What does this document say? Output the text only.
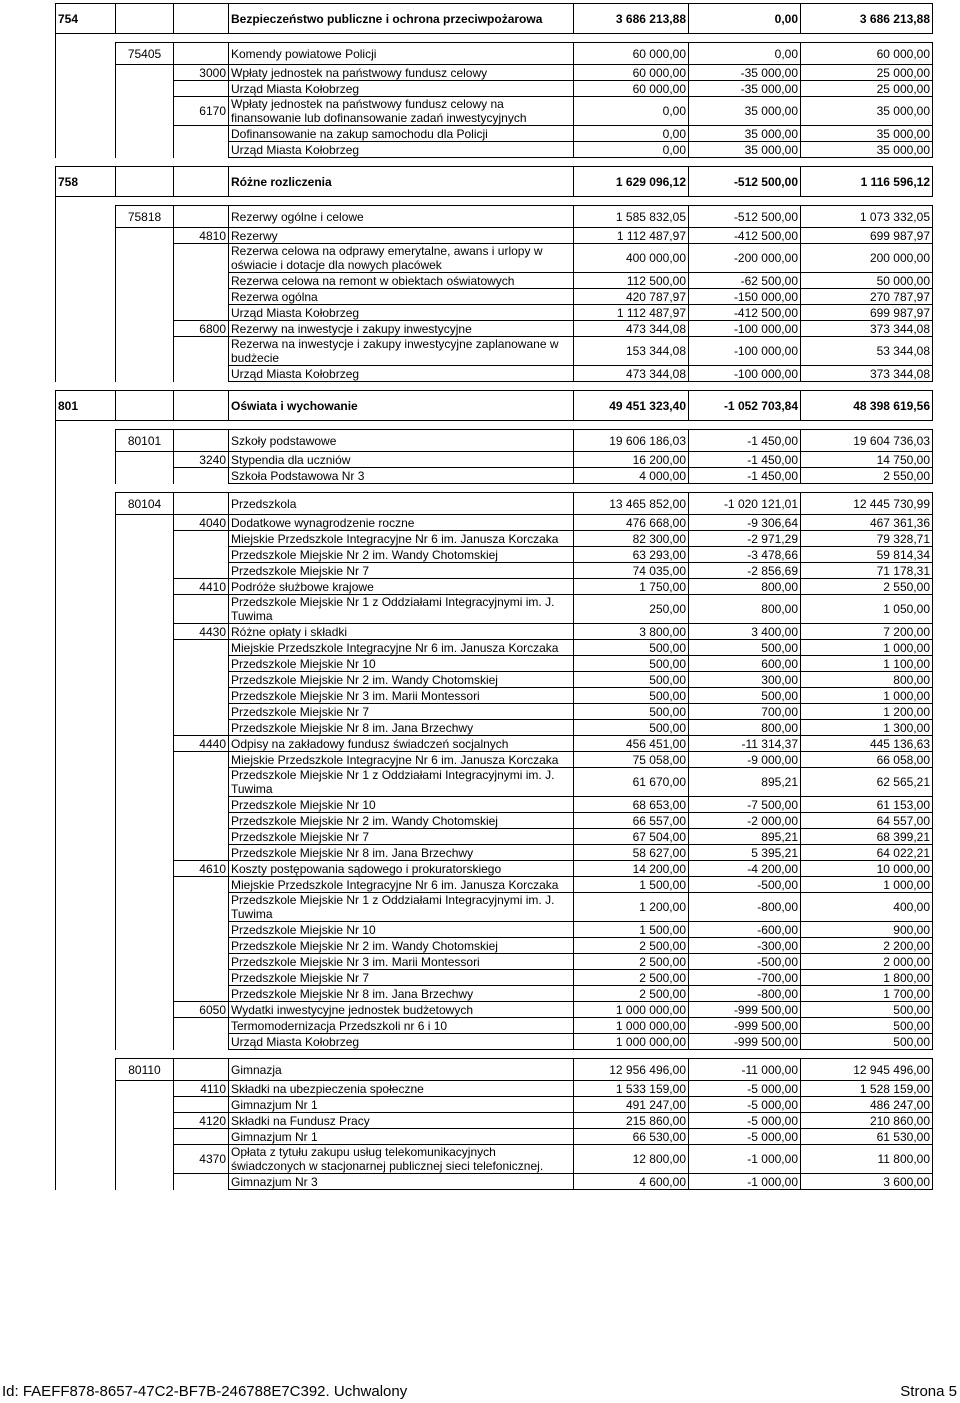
754			Bezpieczeństwo publiczne i ochrona przeciwpożarowa	3 686 213,88	0,00	3 686 213,88

	75405		Komendy powiatowe Policji	60 000,00	0,00	60 000,00
		3000	Wpłaty jednostek na państwowy fundusz celowy	60 000,00	-35 000,00	25 000,00
			Urząd Miasta Kołobrzeg	60 000,00	-35 000,00	25 000,00
		6170	Wpłaty jednostek na państwowy fundusz celowy na finansowanie lub dofinansowanie zadań inwestycyjnych	0,00	35 000,00	35 000,00
			Dofinansowanie na zakup samochodu dla Policji	0,00	35 000,00	35 000,00
			Urząd Miasta Kołobrzeg	0,00	35 000,00	35 000,00

758			Różne rozliczenia	1 629 096,12	-512 500,00	1 116 596,12

	75818		Rezerwy ogólne i celowe	1 585 832,05	-512 500,00	1 073 332,05
		4810	Rezerwy	1 112 487,97	-412 500,00	699 987,97
			Rezerwa celowa na odprawy emerytalne, awans i urlopy w oświacie i dotacje dla nowych placówek	400 000,00	-200 000,00	200 000,00
			Rezerwa celowa na remont w obiektach oświatowych	112 500,00	-62 500,00	50 000,00
			Rezerwa ogólna	420 787,97	-150 000,00	270 787,97
			Urząd Miasta Kołobrzeg	1 112 487,97	-412 500,00	699 987,97
		6800	Rezerwy na inwestycje i zakupy inwestycyjne	473 344,08	-100 000,00	373 344,08
			Rezerwa na inwestycje i zakupy inwestycyjne zaplanowane w budżecie	153 344,08	-100 000,00	53 344,08
			Urząd Miasta Kołobrzeg	473 344,08	-100 000,00	373 344,08

801			Oświata i wychowanie	49 451 323,40	-1 052 703,84	48 398 619,56

	80101		Szkoły podstawowe	19 606 186,03	-1 450,00	19 604 736,03
		3240	Stypendia dla uczniów	16 200,00	-1 450,00	14 750,00
			Szkoła Podstawowa Nr 3	4 000,00	-1 450,00	2 550,00

	80104		Przedszkola	13 465 852,00	-1 020 121,01	12 445 730,99
		4040	Dodatkowe wynagrodzenie roczne	476 668,00	-9 306,64	467 361,36
			Miejskie Przedszkole Integracyjne Nr 6 im. Janusza Korczaka	82 300,00	-2 971,29	79 328,71
			Przedszkole Miejskie Nr 2 im. Wandy Chotomskiej	63 293,00	-3 478,66	59 814,34
			Przedszkole Miejskie Nr 7	74 035,00	-2 856,69	71 178,31
		4410	Podróże służbowe krajowe	1 750,00	800,00	2 550,00
			Przedszkole Miejskie Nr 1 z Oddziałami Integracyjnymi im. J. Tuwima	250,00	800,00	1 050,00
		4430	Różne opłaty i składki	3 800,00	3 400,00	7 200,00
			Miejskie Przedszkole Integracyjne Nr 6 im. Janusza Korczaka	500,00	500,00	1 000,00
			Przedszkole Miejskie Nr 10	500,00	600,00	1 100,00
			Przedszkole Miejskie Nr 2 im. Wandy Chotomskiej	500,00	300,00	800,00
			Przedszkole Miejskie Nr 3 im. Marii Montessori	500,00	500,00	1 000,00
			Przedszkole Miejskie Nr 7	500,00	700,00	1 200,00
			Przedszkole Miejskie Nr 8 im. Jana Brzechwy	500,00	800,00	1 300,00
		4440	Odpisy na zakładowy fundusz świadczeń socjalnych	456 451,00	-11 314,37	445 136,63
			Miejskie Przedszkole Integracyjne Nr 6 im. Janusza Korczaka	75 058,00	-9 000,00	66 058,00
			Przedszkole Miejskie Nr 1 z Oddziałami Integracyjnymi im. J. Tuwima	61 670,00	895,21	62 565,21
			Przedszkole Miejskie Nr 10	68 653,00	-7 500,00	61 153,00
			Przedszkole Miejskie Nr 2 im. Wandy Chotomskiej	66 557,00	-2 000,00	64 557,00
			Przedszkole Miejskie Nr 7	67 504,00	895,21	68 399,21
			Przedszkole Miejskie Nr 8 im. Jana Brzechwy	58 627,00	5 395,21	64 022,21
		4610	Koszty postępowania sądowego i prokuratorskiego	14 200,00	-4 200,00	10 000,00
			Miejskie Przedszkole Integracyjne Nr 6 im. Janusza Korczaka	1 500,00	-500,00	1 000,00
			Przedszkole Miejskie Nr 1 z Oddziałami Integracyjnymi im. J. Tuwima	1 200,00	-800,00	400,00
			Przedszkole Miejskie Nr 10	1 500,00	-600,00	900,00
			Przedszkole Miejskie Nr 2 im. Wandy Chotomskiej	2 500,00	-300,00	2 200,00
			Przedszkole Miejskie Nr 3 im. Marii Montessori	2 500,00	-500,00	2 000,00
			Przedszkole Miejskie Nr 7	2 500,00	-700,00	1 800,00
			Przedszkole Miejskie Nr 8 im. Jana Brzechwy	2 500,00	-800,00	1 700,00
		6050	Wydatki inwestycyjne jednostek budżetowych	1 000 000,00	-999 500,00	500,00
			Termomodernizacja Przedszkoli nr 6 i 10	1 000 000,00	-999 500,00	500,00
			Urząd Miasta Kołobrzeg	1 000 000,00	-999 500,00	500,00

	80110		Gimnazja	12 956 496,00	-11 000,00	12 945 496,00
		4110	Składki na ubezpieczenia społeczne	1 533 159,00	-5 000,00	1 528 159,00
			Gimnazjum Nr 1	491 247,00	-5 000,00	486 247,00
		4120	Składki na Fundusz Pracy	215 860,00	-5 000,00	210 860,00
			Gimnazjum Nr 1	66 530,00	-5 000,00	61 530,00
		4370	Opłata z tytułu zakupu usług telekomunikacyjnych świadczonych w stacjonarnej publicznej sieci telefonicznej.	12 800,00	-1 000,00	11 800,00
			Gimnazjum Nr 3	4 600,00	-1 000,00	3 600,00
Id: FAEFF878-8657-47C2-BF7B-246788E7C392. Uchwalony	Strona 5
